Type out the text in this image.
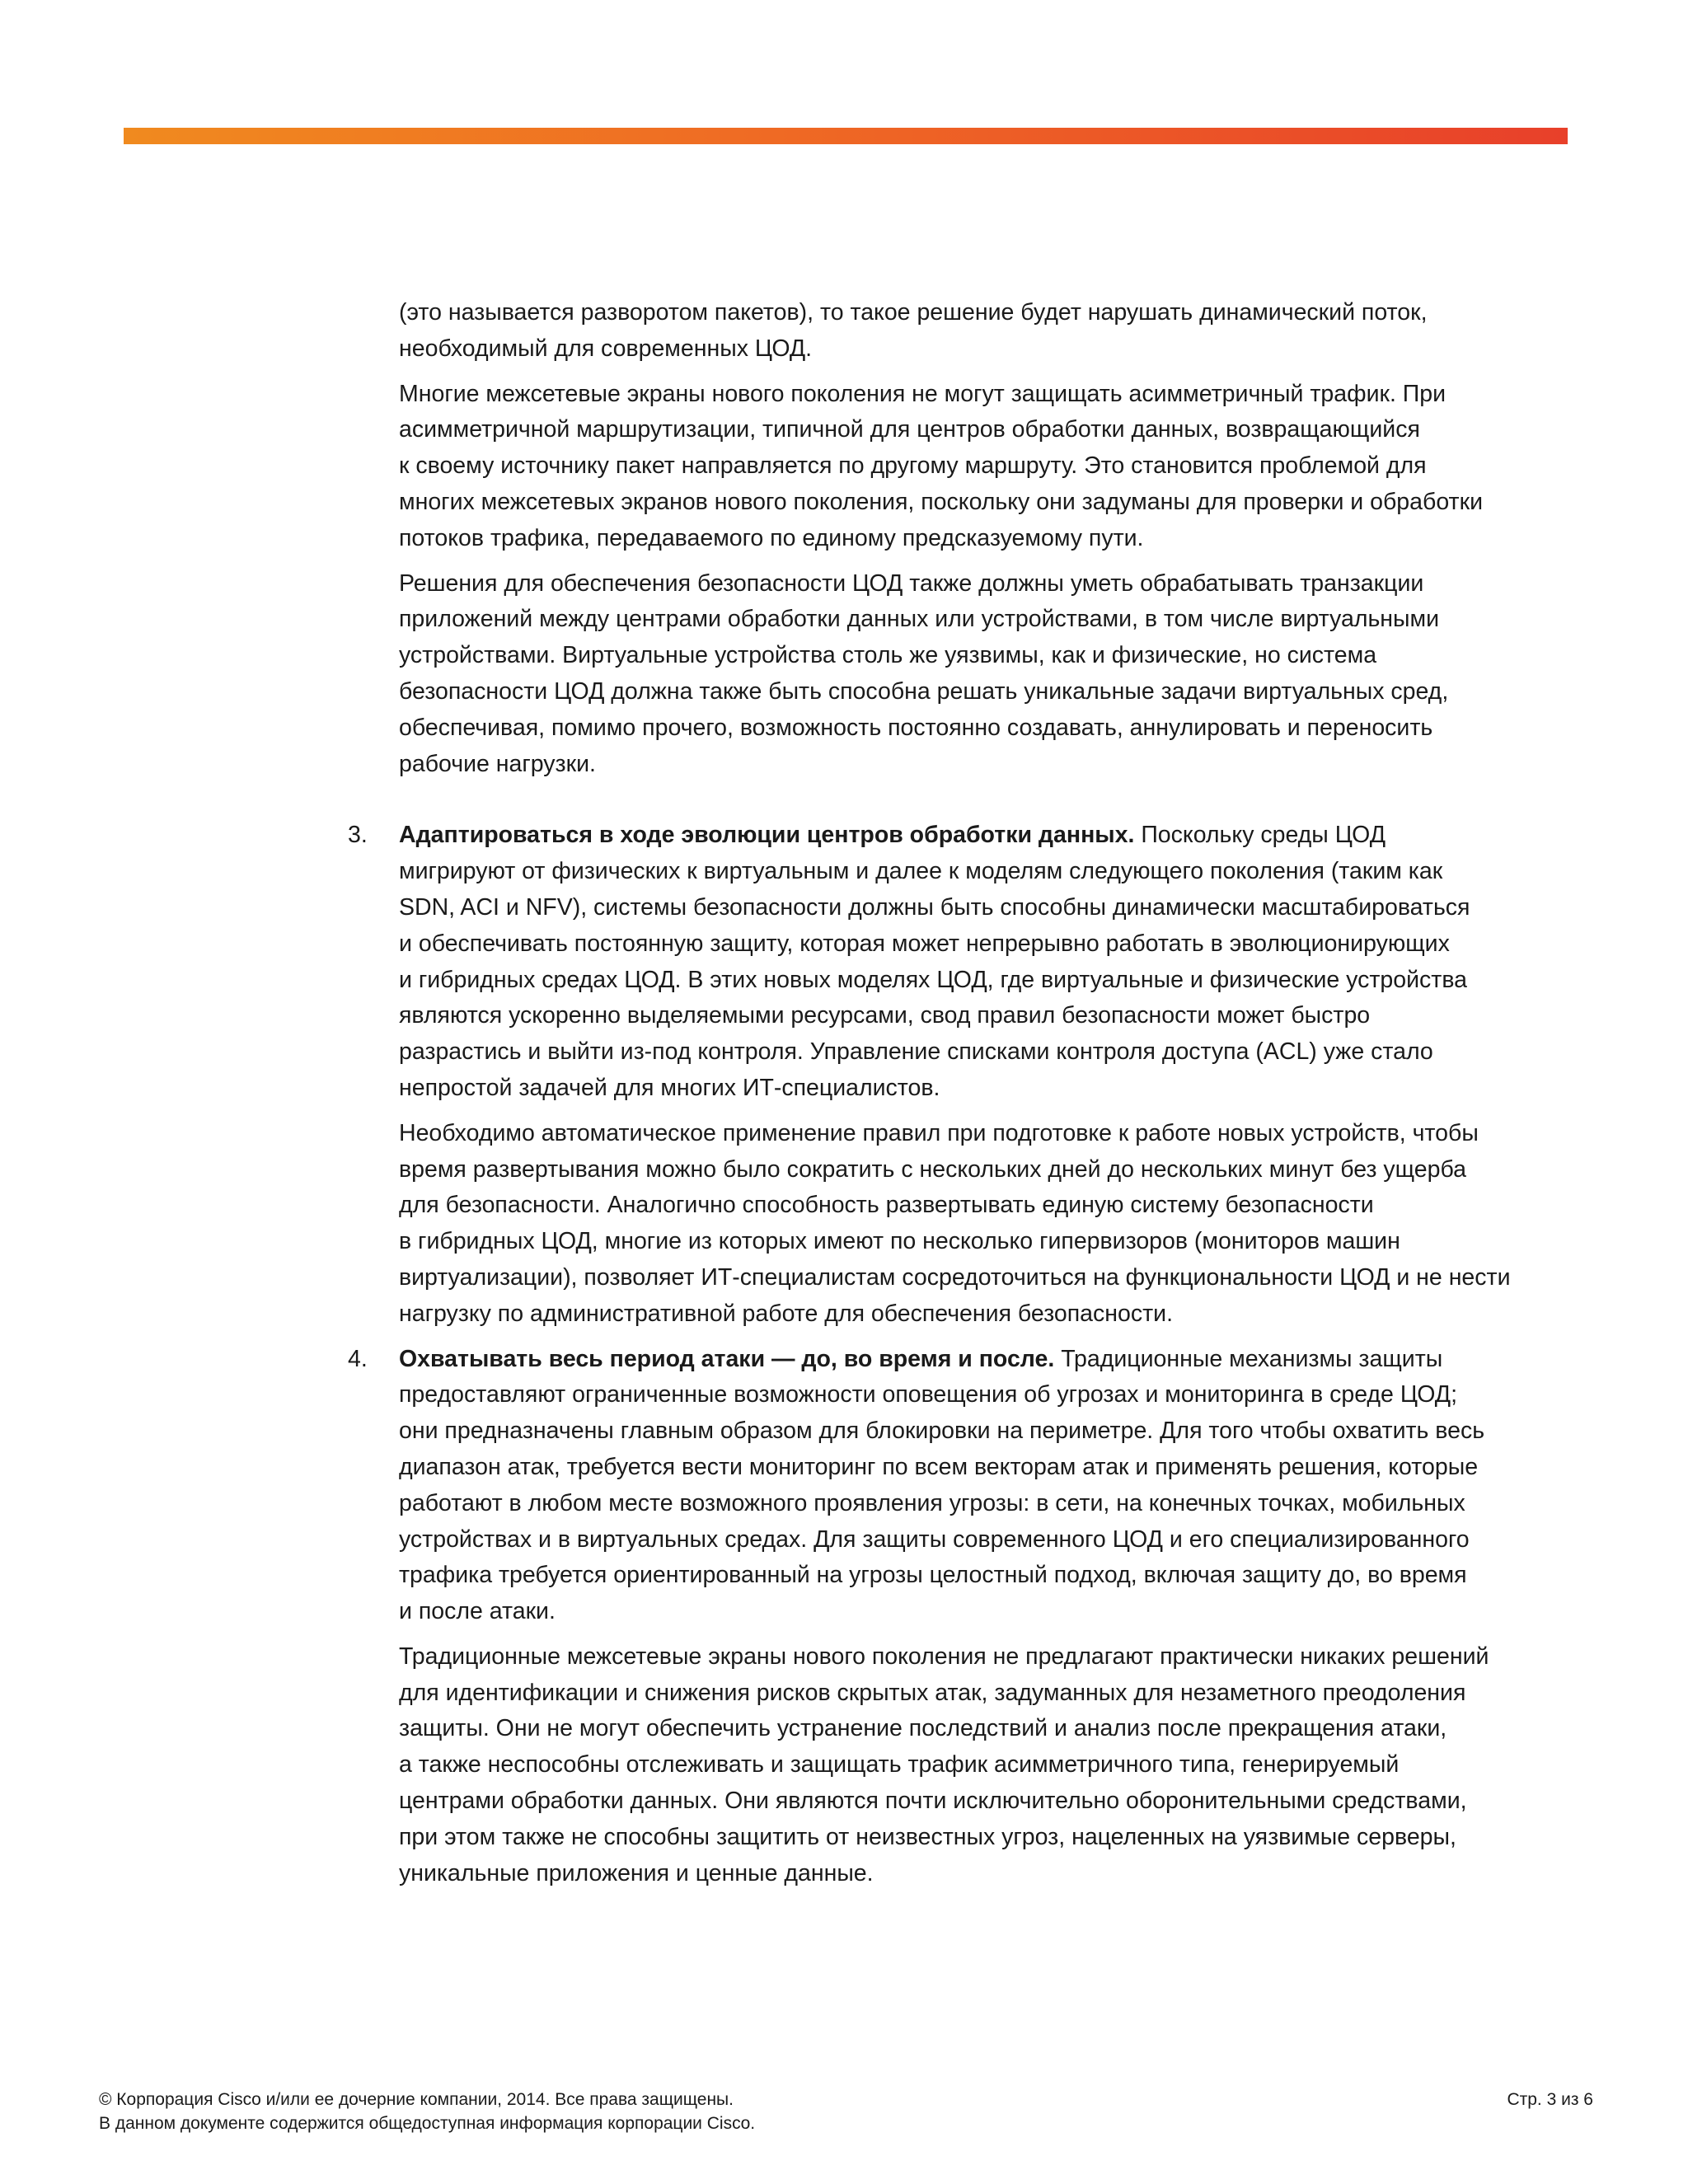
(это называется разворотом пакетов), то такое решение будет нарушать динамический поток,
необходимый для современных ЦОД.

Многие межсетевые экраны нового поколения не могут защищать асимметричный трафик. При
асимметричной маршрутизации, типичной для центров обработки данных, возвращающийся
к своему источнику пакет направляется по другому маршруту. Это становится проблемой для
многих межсетевых экранов нового поколения, поскольку они задуманы для проверки и обработки
потоков трафика, передаваемого по единому предсказуемому пути.

Решения для обеспечения безопасности ЦОД также должны уметь обрабатывать транзакции
приложений между центрами обработки данных или устройствами, в том числе виртуальными
устройствами. Виртуальные устройства столь же уязвимы, как и физические, но система
безопасности ЦОД должна также быть способна решать уникальные задачи виртуальных сред,
обеспечивая, помимо прочего, возможность постоянно создавать, аннулировать и переносить
рабочие нагрузки.

3. Адаптироваться в ходе эволюции центров обработки данных. Поскольку среды ЦОД
мигрируют от физических к виртуальным и далее к моделям следующего поколения (таким как
SDN, ACI и NFV), системы безопасности должны быть способны динамически масштабироваться
и обеспечивать постоянную защиту, которая может непрерывно работать в эволюционирующих
и гибридных средах ЦОД. В этих новых моделях ЦОД, где виртуальные и физические устройства
являются ускоренно выделяемыми ресурсами, свод правил безопасности может быстро
разрастись и выйти из-под контроля. Управление списками контроля доступа (ACL) уже стало
непростой задачей для многих ИТ-специалистов.

Необходимо автоматическое применение правил при подготовке к работе новых устройств, чтобы
время развертывания можно было сократить с нескольких дней до нескольких минут без ущерба
для безопасности. Аналогично способность развертывать единую систему безопасности
в гибридных ЦОД, многие из которых имеют по несколько гипервизоров (мониторов машин
виртуализации), позволяет ИТ-специалистам сосредоточиться на функциональности ЦОД и не нести
нагрузку по административной работе для обеспечения безопасности.

4. Охватывать весь период атаки — до, во время и после. Традиционные механизмы защиты
предоставляют ограниченные возможности оповещения об угрозах и мониторинга в среде ЦОД;
они предназначены главным образом для блокировки на периметре. Для того чтобы охватить весь
диапазон атак, требуется вести мониторинг по всем векторам атак и применять решения, которые
работают в любом месте возможного проявления угрозы: в сети, на конечных точках, мобильных
устройствах и в виртуальных средах. Для защиты современного ЦОД и его специализированного
трафика требуется ориентированный на угрозы целостный подход, включая защиту до, во время
и после атаки.

Традиционные межсетевые экраны нового поколения не предлагают практически никаких решений
для идентификации и снижения рисков скрытых атак, задуманных для незаметного преодоления
защиты. Они не могут обеспечить устранение последствий и анализ после прекращения атаки,
а также неспособны отслеживать и защищать трафик асимметричного типа, генерируемый
центрами обработки данных. Они являются почти исключительно оборонительными средствами,
при этом также не способны защитить от неизвестных угроз, нацеленных на уязвимые серверы,
уникальные приложения и ценные данные.

© Корпорация Cisco и/или ее дочерние компании, 2014. Все права защищены.
В данном документе содержится общедоступная информация корпорации Cisco.
Стр. 3 из 6
